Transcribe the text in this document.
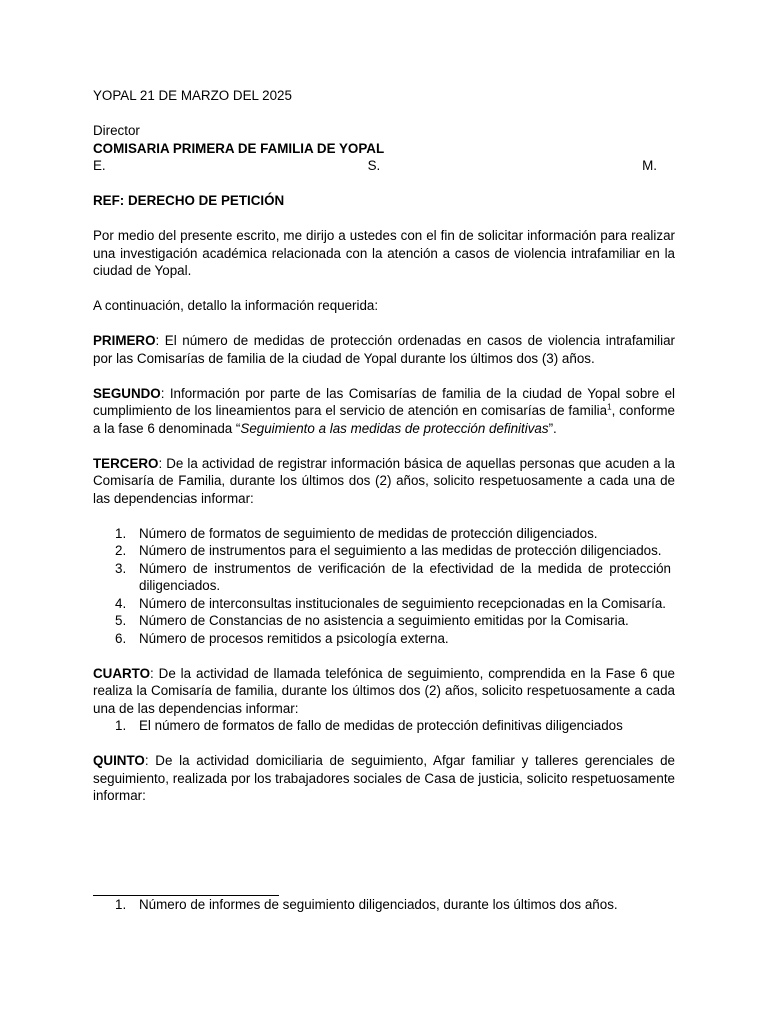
YOPAL 21 DE MARZO DEL 2025

Director

COMISARIA PRIMERA DE FAMILIA DE YOPAL

E.	S.	M.

REF: DERECHO DE PETICIÓN

Por medio del presente escrito, me dirijo a ustedes con el fin de solicitar información para realizar una investigación académica relacionada con la atención a casos de violencia intrafamiliar en la ciudad de Yopal.

A continuación, detallo la información requerida:

PRIMERO: El número de medidas de protección ordenadas en casos de violencia intrafamiliar por las Comisarías de familia de la ciudad de Yopal durante los últimos dos (3) años.

SEGUNDO: Información por parte de las Comisarías de familia de la ciudad de Yopal sobre el cumplimiento de los lineamientos para el servicio de atención en comisarías de familia$^1$, conforme a la fase 6 denominada “Seguimiento a las medidas de protección definitivas”.

TERCERO: De la actividad de registrar información básica de aquellas personas que acuden a la Comisaría de Familia, durante los últimos dos (2) años, solicito respetuosamente a cada una de las dependencias informar:

1. Número de formatos de seguimiento de medidas de protección diligenciados.
2. Número de instrumentos para el seguimiento a las medidas de protección diligenciados.
3. Número de instrumentos de verificación de la efectividad de la medida de protección diligenciados.
4. Número de interconsultas institucionales de seguimiento recepcionadas en la Comisaría.
5. Número de Constancias de no asistencia a seguimiento emitidas por la Comisaria.
6. Número de procesos remitidos a psicología externa.

CUARTO: De la actividad de llamada telefónica de seguimiento, comprendida en la Fase 6 que realiza la Comisaría de familia, durante los últimos dos (2) años, solicito respetuosamente a cada una de las dependencias informar:

1. El número de formatos de fallo de medidas de protección definitivas diligenciados

QUINTO: De la actividad domiciliaria de seguimiento, Afgar familiar y talleres gerenciales de seguimiento, realizada por los trabajadores sociales de Casa de justicia, solicito respetuosamente informar:

1. Número de informes de seguimiento diligenciados, durante los últimos dos años.
